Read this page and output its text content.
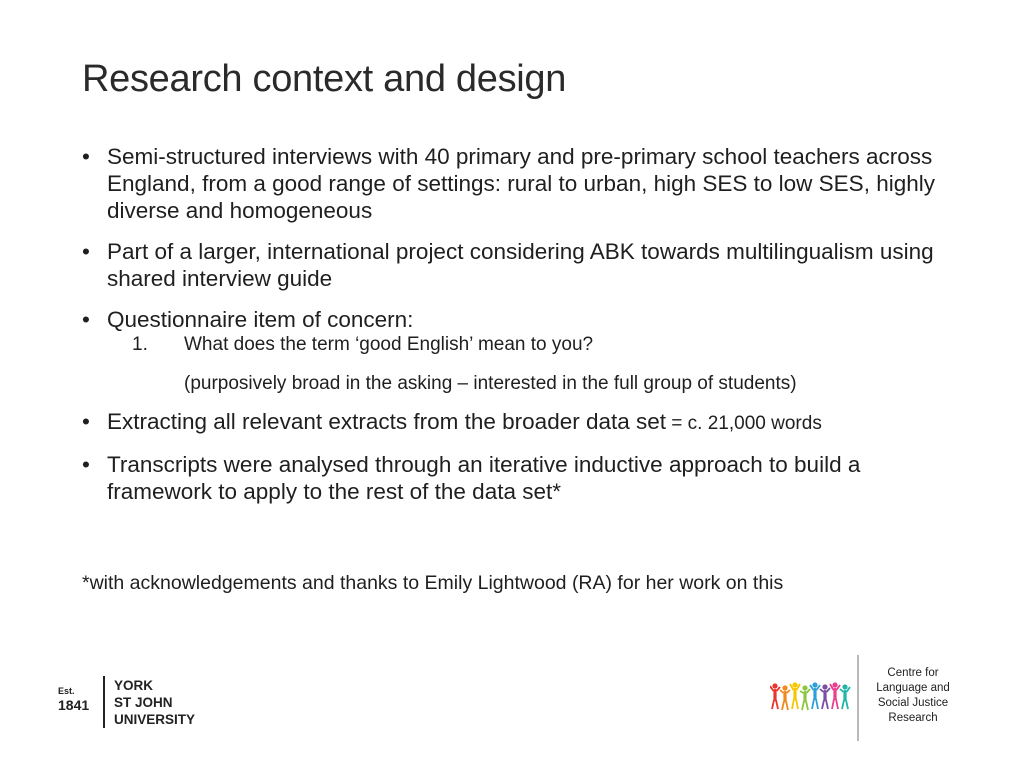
Research context and design
• Semi-structured interviews with 40 primary and pre-primary school teachers across England, from a good range of settings: rural to urban, high SES to low SES, highly diverse and homogeneous
• Part of a larger, international project considering ABK towards multilingualism using shared interview guide
• Questionnaire item of concern:
1. What does the term ‘good English’ mean to you?
(purposively broad in the asking – interested in the full group of students)
• Extracting all relevant extracts from the broader data set = c. 21,000 words
• Transcripts were analysed through an iterative inductive approach to build a framework to apply to the rest of the data set*
*with acknowledgements and thanks to Emily Lightwood (RA) for her work on this
Est.
1841
YORK
ST JOHN
UNIVERSITY
Centre for
Language and
Social Justice
Research
